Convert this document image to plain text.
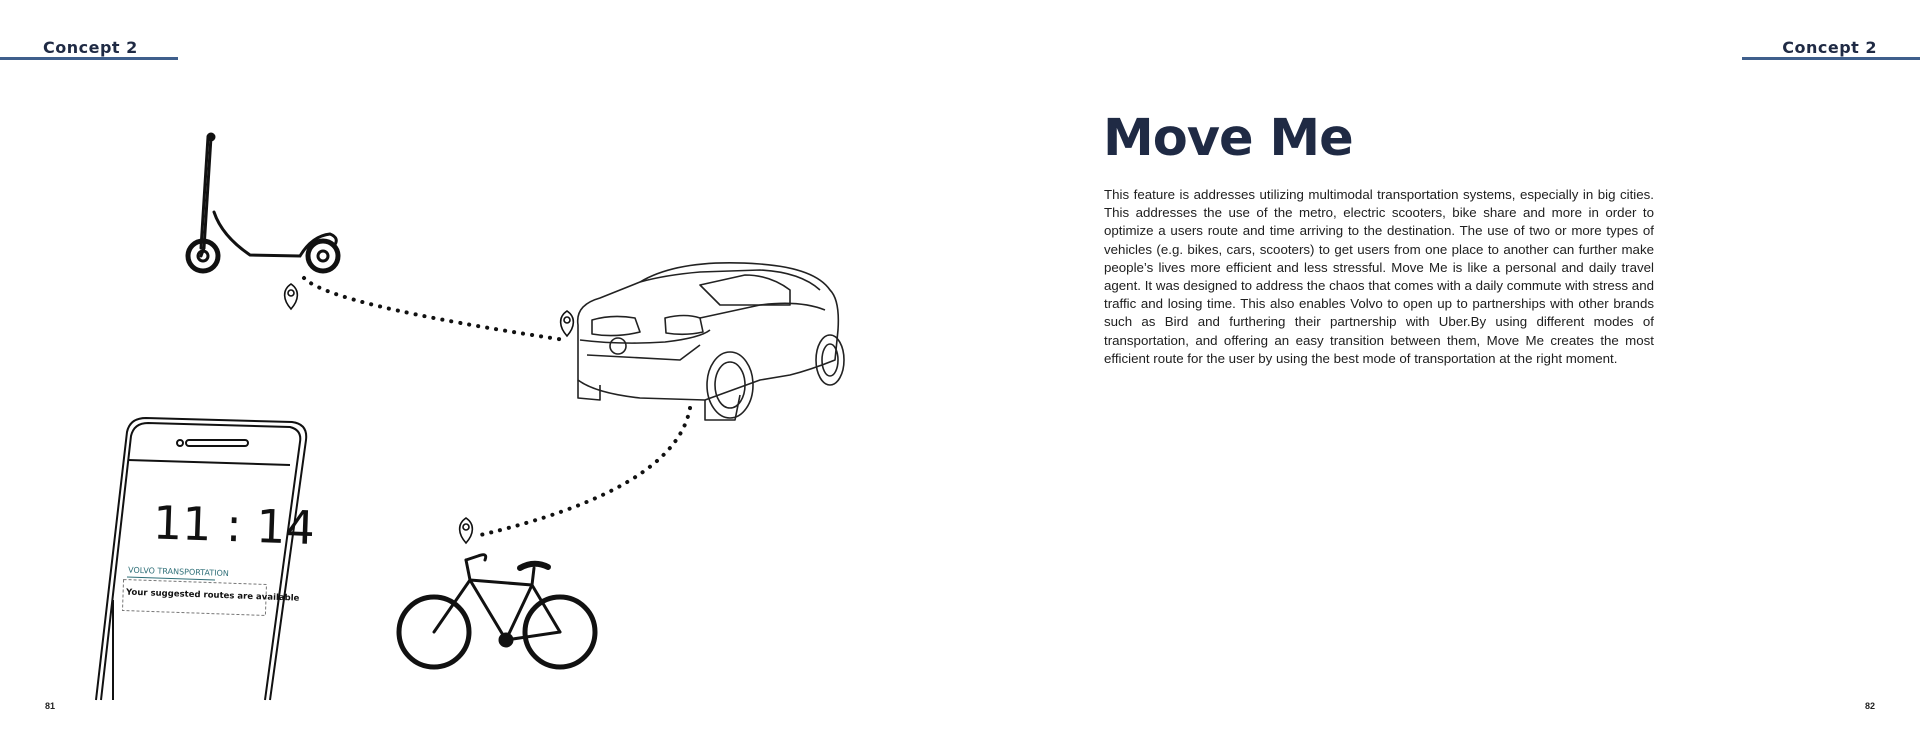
Concept 2	Concept 2
11 : 14
VOLVO TRANSPORTATION
Your suggested routes are available
Move Me

This feature is addresses utilizing multimodal transportation systems, especially in big cities. This addresses the use of the metro, electric scooters, bike share and more in order to optimize a users route and time arriving to the destination. The use of two or more types of vehicles (e.g. bikes, cars, scooters) to get users from one place to another can further make people’s lives more efficient and less stressful. Move Me is like a personal and daily travel agent. It was designed to address the chaos that comes with a daily commute with stress and traffic and losing time. This also enables Volvo to open up to partnerships with other brands such as Bird and furthering their partnership with Uber.By using different modes of transportation, and offering an easy transition between them, Move Me creates the most efficient route for the user by using the best mode of transportation at the right moment.

81	82
